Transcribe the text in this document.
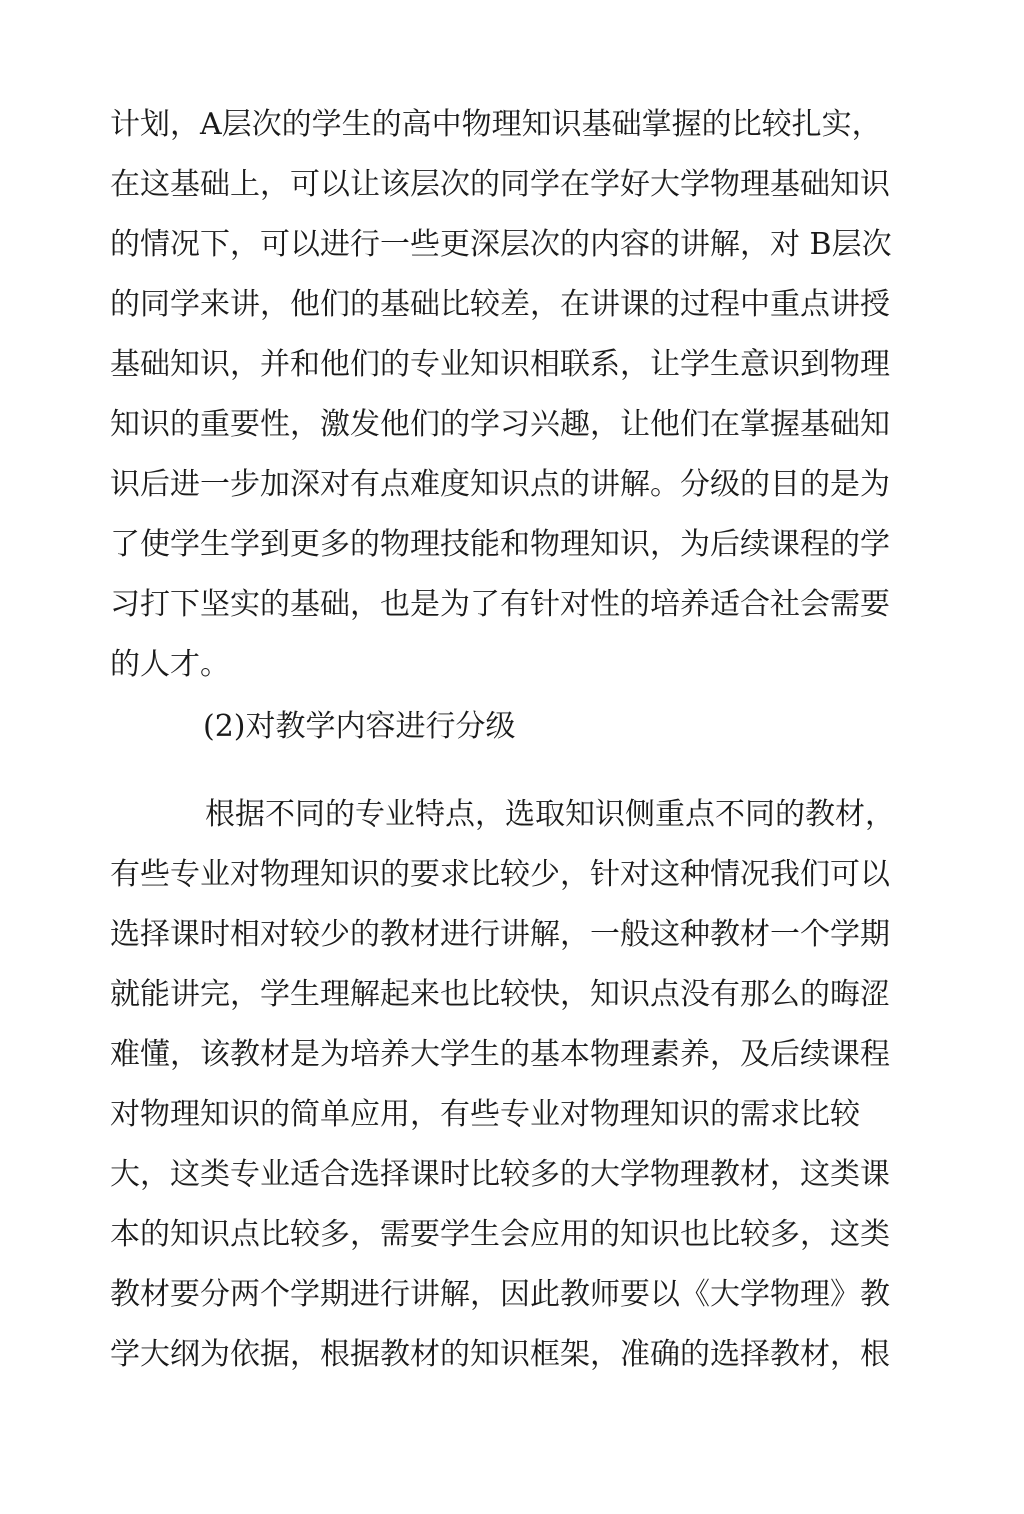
计划，A层次的学生的高中物理知识基础掌握的比较扎实，
在这基础上，可以让该层次的同学在学好大学物理基础知识
的情况下，可以进行一些更深层次的内容的讲解，对 B层次
的同学来讲，他们的基础比较差，在讲课的过程中重点讲授
基础知识，并和他们的专业知识相联系，让学生意识到物理
知识的重要性，激发他们的学习兴趣，让他们在掌握基础知
识后进一步加深对有点难度知识点的讲解。分级的目的是为
了使学生学到更多的物理技能和物理知识，为后续课程的学
习打下坚实的基础，也是为了有针对性的培养适合社会需要
的人才。
(2)对教学内容进行分级
根据不同的专业特点，选取知识侧重点不同的教材，
有些专业对物理知识的要求比较少，针对这种情况我们可以
选择课时相对较少的教材进行讲解，一般这种教材一个学期
就能讲完，学生理解起来也比较快，知识点没有那么的晦涩
难懂，该教材是为培养大学生的基本物理素养，及后续课程
对物理知识的简单应用，有些专业对物理知识的需求比较
大，这类专业适合选择课时比较多的大学物理教材，这类课
本的知识点比较多，需要学生会应用的知识也比较多，这类
教材要分两个学期进行讲解，因此教师要以《大学物理》教
学大纲为依据，根据教材的知识框架，准确的选择教材，根
